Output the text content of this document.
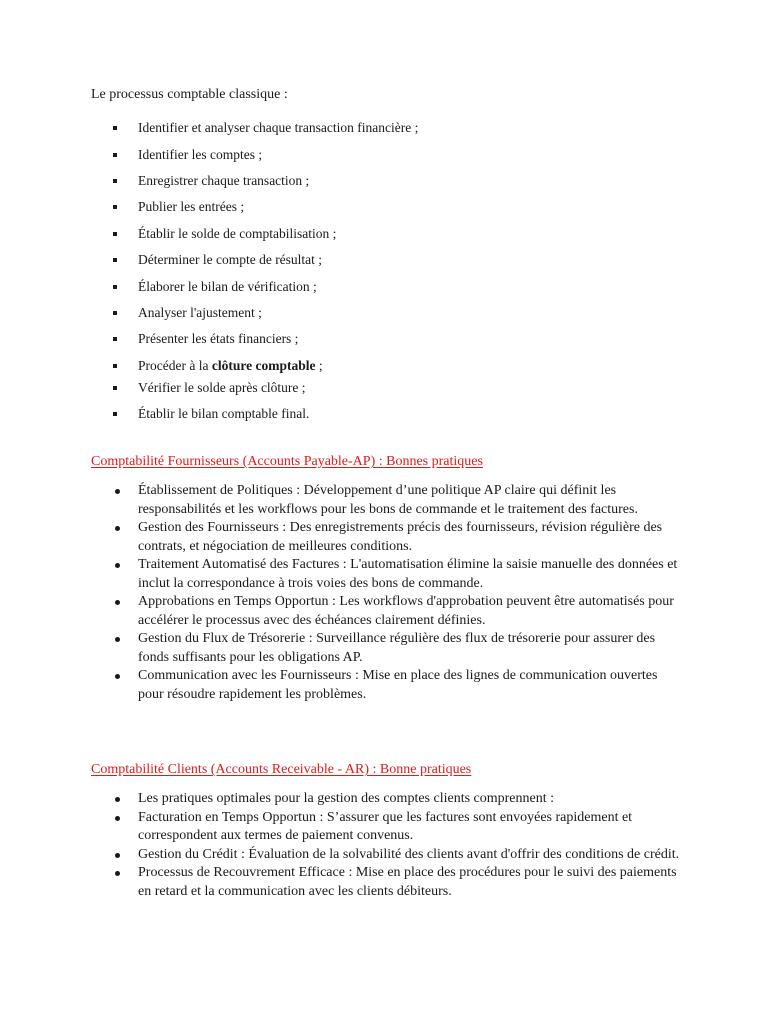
Le processus comptable classique :

Identifier et analyser chaque transaction financière ;
Identifier les comptes ;
Enregistrer chaque transaction ;
Publier les entrées ;
Établir le solde de comptabilisation ;
Déterminer le compte de résultat ;
Élaborer le bilan de vérification ;
Analyser l'ajustement ;
Présenter les états financiers ;
Procéder à la clôture comptable ;
Vérifier le solde après clôture ;
Établir le bilan comptable final.

Comptabilité Fournisseurs (Accounts Payable-AP) : Bonnes pratiques

Établissement de Politiques : Développement d’une politique AP claire qui définit les responsabilités et les workflows pour les bons de commande et le traitement des factures.
Gestion des Fournisseurs : Des enregistrements précis des fournisseurs, révision régulière des contrats, et négociation de meilleures conditions.
Traitement Automatisé des Factures : L'automatisation élimine la saisie manuelle des données et inclut la correspondance à trois voies des bons de commande.
Approbations en Temps Opportun : Les workflows d'approbation peuvent être automatisés pour accélérer le processus avec des échéances clairement définies.
Gestion du Flux de Trésorerie : Surveillance régulière des flux de trésorerie pour assurer des fonds suffisants pour les obligations AP.
Communication avec les Fournisseurs : Mise en place des lignes de communication ouvertes pour résoudre rapidement les problèmes.

Comptabilité Clients (Accounts Receivable - AR) : Bonne pratiques

Les pratiques optimales pour la gestion des comptes clients comprennent :
Facturation en Temps Opportun : S’assurer que les factures sont envoyées rapidement et correspondent aux termes de paiement convenus.
Gestion du Crédit : Évaluation de la solvabilité des clients avant d'offrir des conditions de crédit.
Processus de Recouvrement Efficace : Mise en place des procédures pour le suivi des paiements en retard et la communication avec les clients débiteurs.
